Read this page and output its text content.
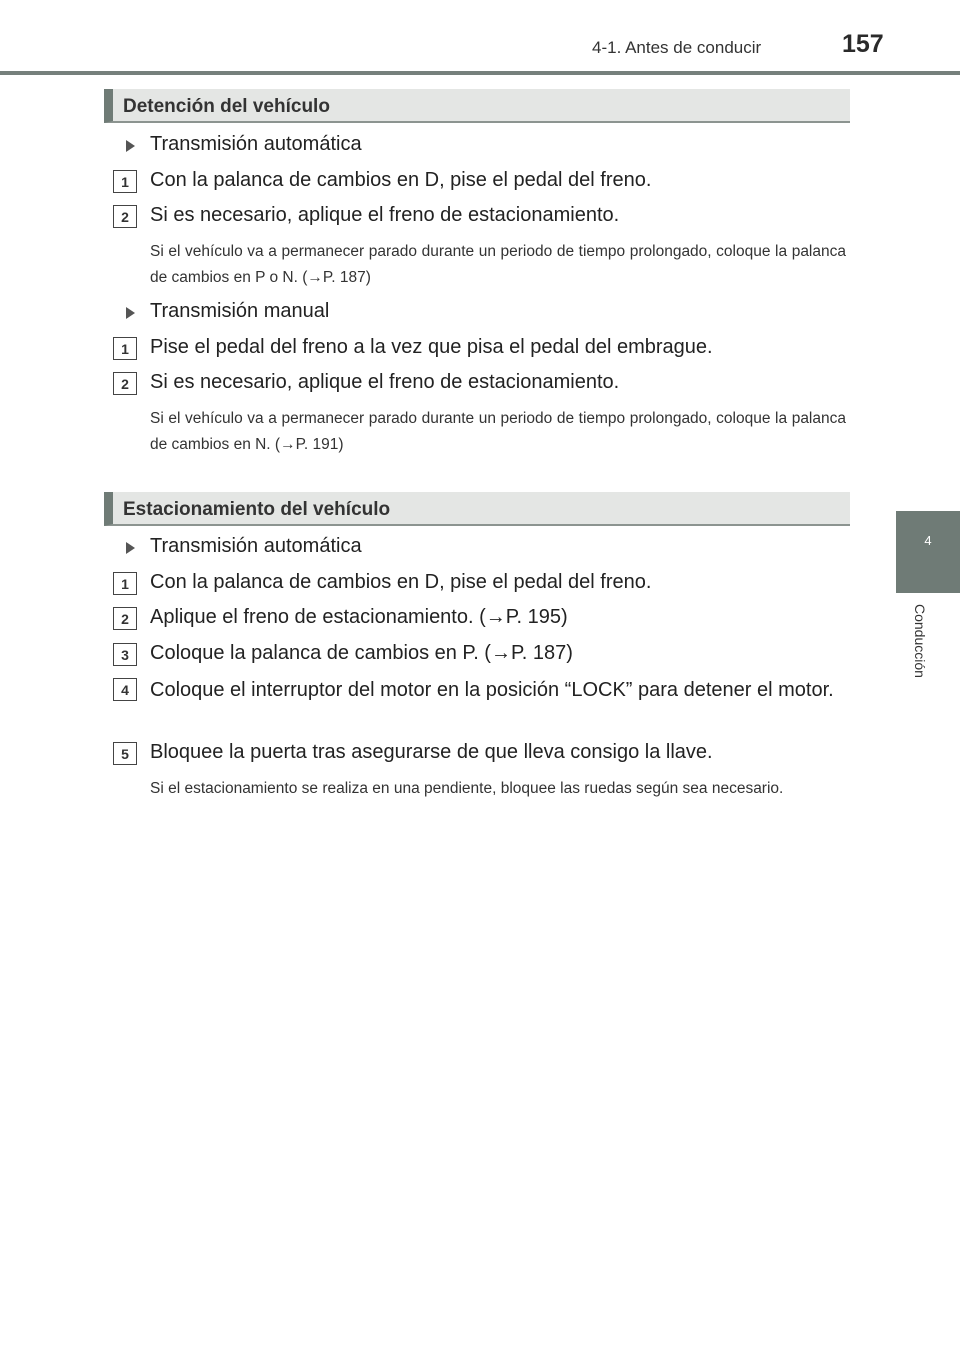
4-1. Antes de conducir	157
4
Conducción
Detención del vehículo
Transmisión automática
1	Con la palanca de cambios en D, pise el pedal del freno.
2	Si es necesario, aplique el freno de estacionamiento.
Si el vehículo va a permanecer parado durante un periodo de tiempo prolongado, coloque la palanca de cambios en P o N. (→P. 187)
Transmisión manual
1	Pise el pedal del freno a la vez que pisa el pedal del embrague.
2	Si es necesario, aplique el freno de estacionamiento.
Si el vehículo va a permanecer parado durante un periodo de tiempo prolongado, coloque la palanca de cambios en N. (→P. 191)
Estacionamiento del vehículo
Transmisión automática
1	Con la palanca de cambios en D, pise el pedal del freno.
2	Aplique el freno de estacionamiento. (→P. 195)
3	Coloque la palanca de cambios en P. (→P. 187)
4	Coloque el interruptor del motor en la posición “LOCK” para detener el motor.
5	Bloquee la puerta tras asegurarse de que lleva consigo la llave.
Si el estacionamiento se realiza en una pendiente, bloquee las ruedas según sea necesario.
